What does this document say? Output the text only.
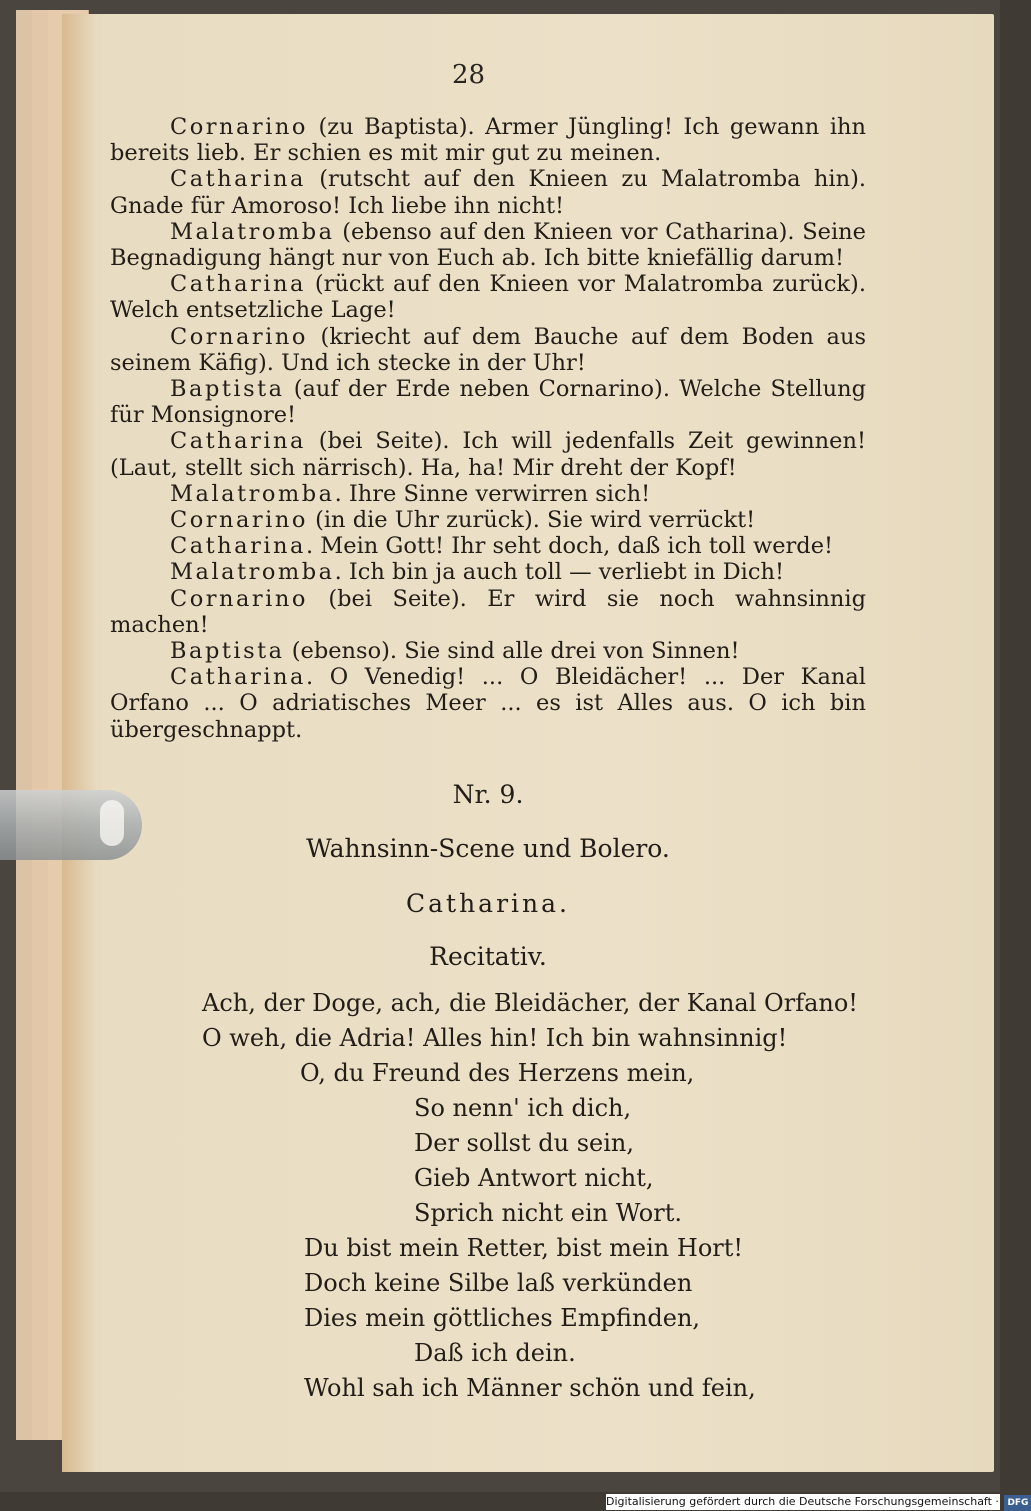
28
Cornarino (zu Baptista). Armer Jüngling! Ich gewann ihn bereits lieb. Er schien es mit mir gut zu meinen.
Catharina (rutscht auf den Knieen zu Malatromba hin). Gnade für Amoroso! Ich liebe ihn nicht!
Malatromba (ebenso auf den Knieen vor Catharina). Seine Begnadigung hängt nur von Euch ab. Ich bitte kniefällig darum!
Catharina (rückt auf den Knieen vor Malatromba zurück). Welch entsetzliche Lage!
Cornarino (kriecht auf dem Bauche auf dem Boden aus seinem Käfig). Und ich stecke in der Uhr!
Baptista (auf der Erde neben Cornarino). Welche Stellung für Monsignore!
Catharina (bei Seite). Ich will jedenfalls Zeit gewinnen! (Laut, stellt sich närrisch). Ha, ha! Mir dreht der Kopf!
Malatromba. Ihre Sinne verwirren sich!
Cornarino (in die Uhr zurück). Sie wird verrückt!
Catharina. Mein Gott! Ihr seht doch, daß ich toll werde!
Malatromba. Ich bin ja auch toll — verliebt in Dich!
Cornarino (bei Seite). Er wird sie noch wahnsinnig machen!
Baptista (ebenso). Sie sind alle drei von Sinnen!
Catharina. O Venedig! ... O Bleidächer! ... Der Kanal Orfano ... O adriatisches Meer ... es ist Alles aus. O ich bin übergeschnappt.
Nr. 9.
Wahnsinn-Scene und Bolero.
Catharina.
Recitativ.
Ach, der Doge, ach, die Bleidächer, der Kanal Orfano!
O weh, die Adria! Alles hin! Ich bin wahnsinnig!
O, du Freund des Herzens mein,
So nenn' ich dich,
Der sollst du sein,
Gieb Antwort nicht,
Sprich nicht ein Wort.
Du bist mein Retter, bist mein Hort!
Doch keine Silbe laß verkünden
Dies mein göttliches Empfinden,
Daß ich dein.
Wohl sah ich Männer schön und fein,
Digitalisierung gefördert durch die Deutsche Forschungsgemeinschaft · DFG
